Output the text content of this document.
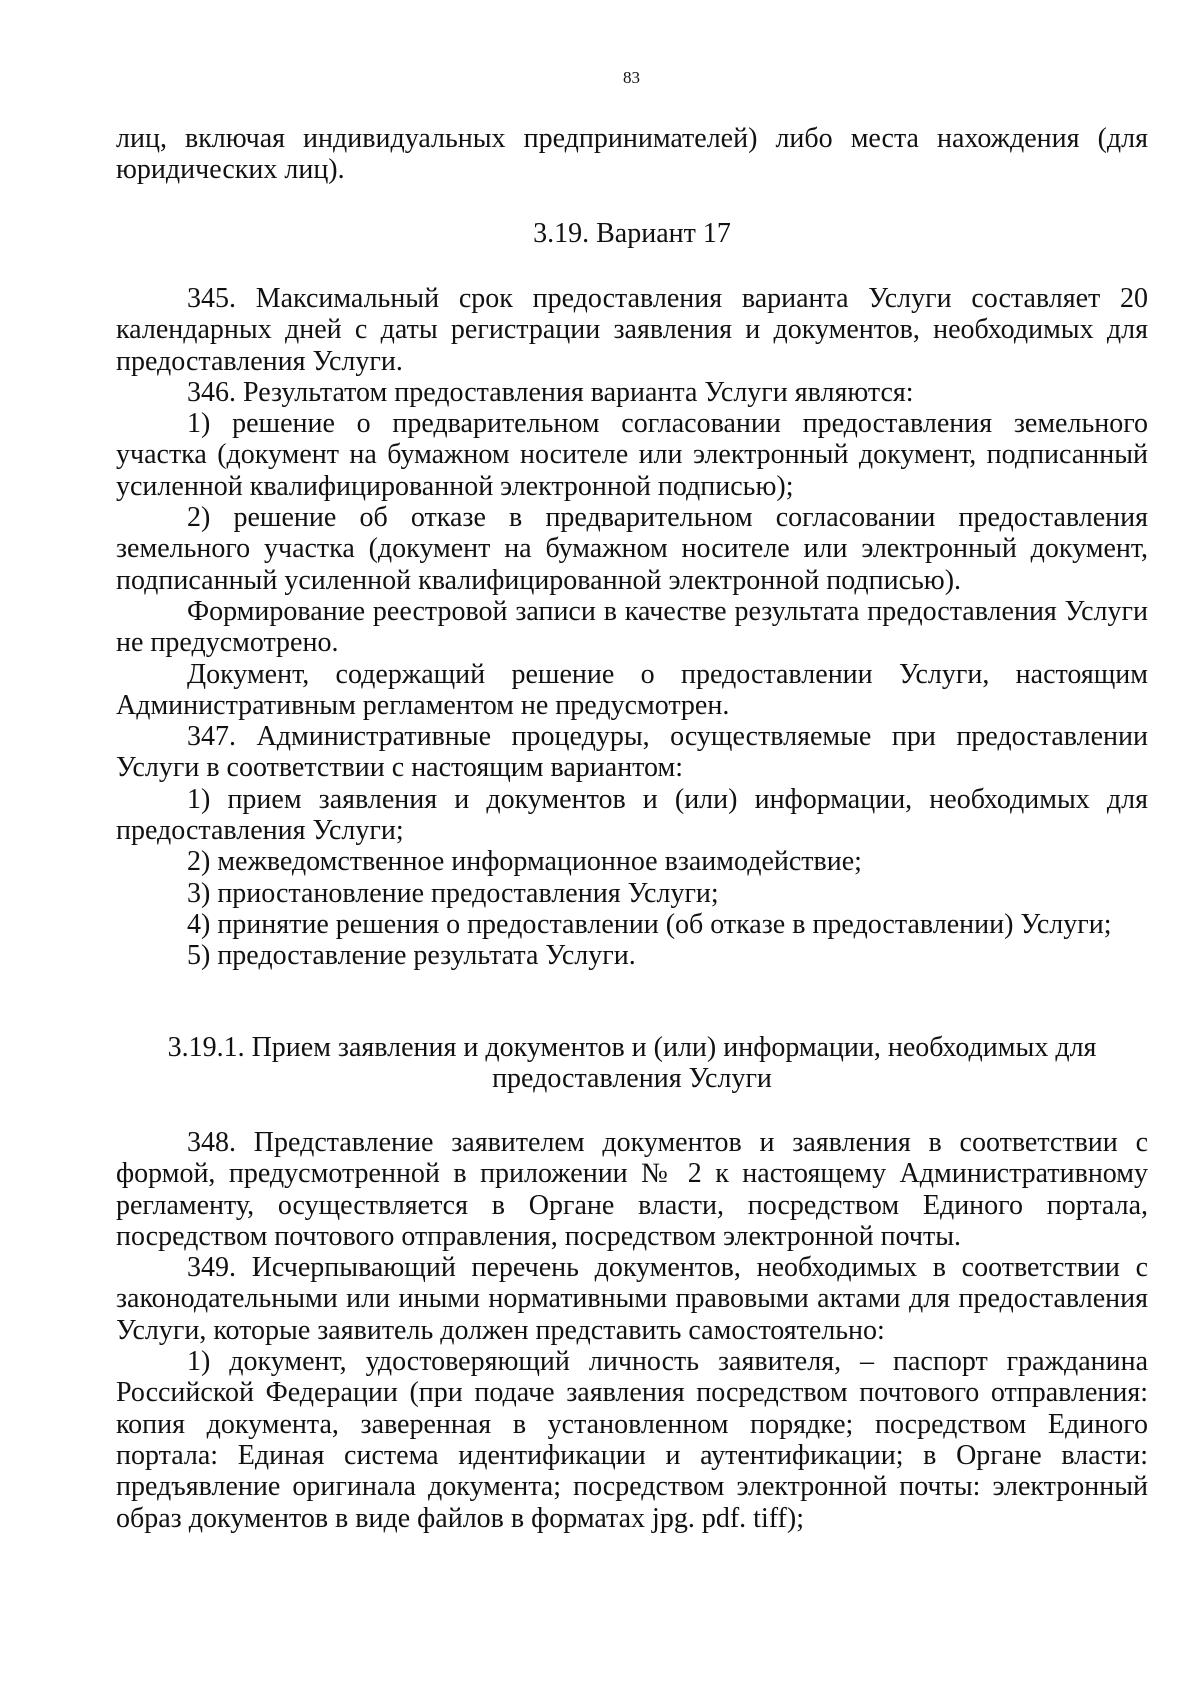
83

лиц, включая индивидуальных предпринимателей) либо места нахождения (для юридических лиц).

3.19. Вариант 17

345. Максимальный срок предоставления варианта Услуги составляет 20 календарных дней с даты регистрации заявления и документов, необходимых для предоставления Услуги.

346. Результатом предоставления варианта Услуги являются:

1) решение о предварительном согласовании предоставления земельного участка (документ на бумажном носителе или электронный документ, подписанный усиленной квалифицированной электронной подписью);

2) решение об отказе в предварительном согласовании предоставления земельного участка (документ на бумажном носителе или электронный документ, подписанный усиленной квалифицированной электронной подписью).

Формирование реестровой записи в качестве результата предоставления Услуги не предусмотрено.

Документ, содержащий решение о предоставлении Услуги, настоящим Административным регламентом не предусмотрен.

347. Административные процедуры, осуществляемые при предоставлении Услуги в соответствии с настоящим вариантом:

1) прием заявления и документов и (или) информации, необходимых для предоставления Услуги;

2) межведомственное информационное взаимодействие;

3) приостановление предоставления Услуги;

4) принятие решения о предоставлении (об отказе в предоставлении) Услуги;

5) предоставление результата Услуги.

3.19.1. Прием заявления и документов и (или) информации, необходимых для
предоставления Услуги

348. Представление заявителем документов и заявления в соответствии с формой, предусмотренной в приложении № 2 к настоящему Административному регламенту, осуществляется в Органе власти, посредством Единого портала, посредством почтового отправления, посредством электронной почты.

349. Исчерпывающий перечень документов, необходимых в соответствии с законодательными или иными нормативными правовыми актами для предоставления Услуги, которые заявитель должен представить самостоятельно:

1) документ, удостоверяющий личность заявителя, – паспорт гражданина Российской Федерации (при подаче заявления посредством почтового отправления: копия документа, заверенная в установленном порядке; посредством Единого портала: Единая система идентификации и аутентификации; в Органе власти: предъявление оригинала документа; посредством электронной почты: электронный образ документов в виде файлов в форматах jpg. pdf. tiff);
